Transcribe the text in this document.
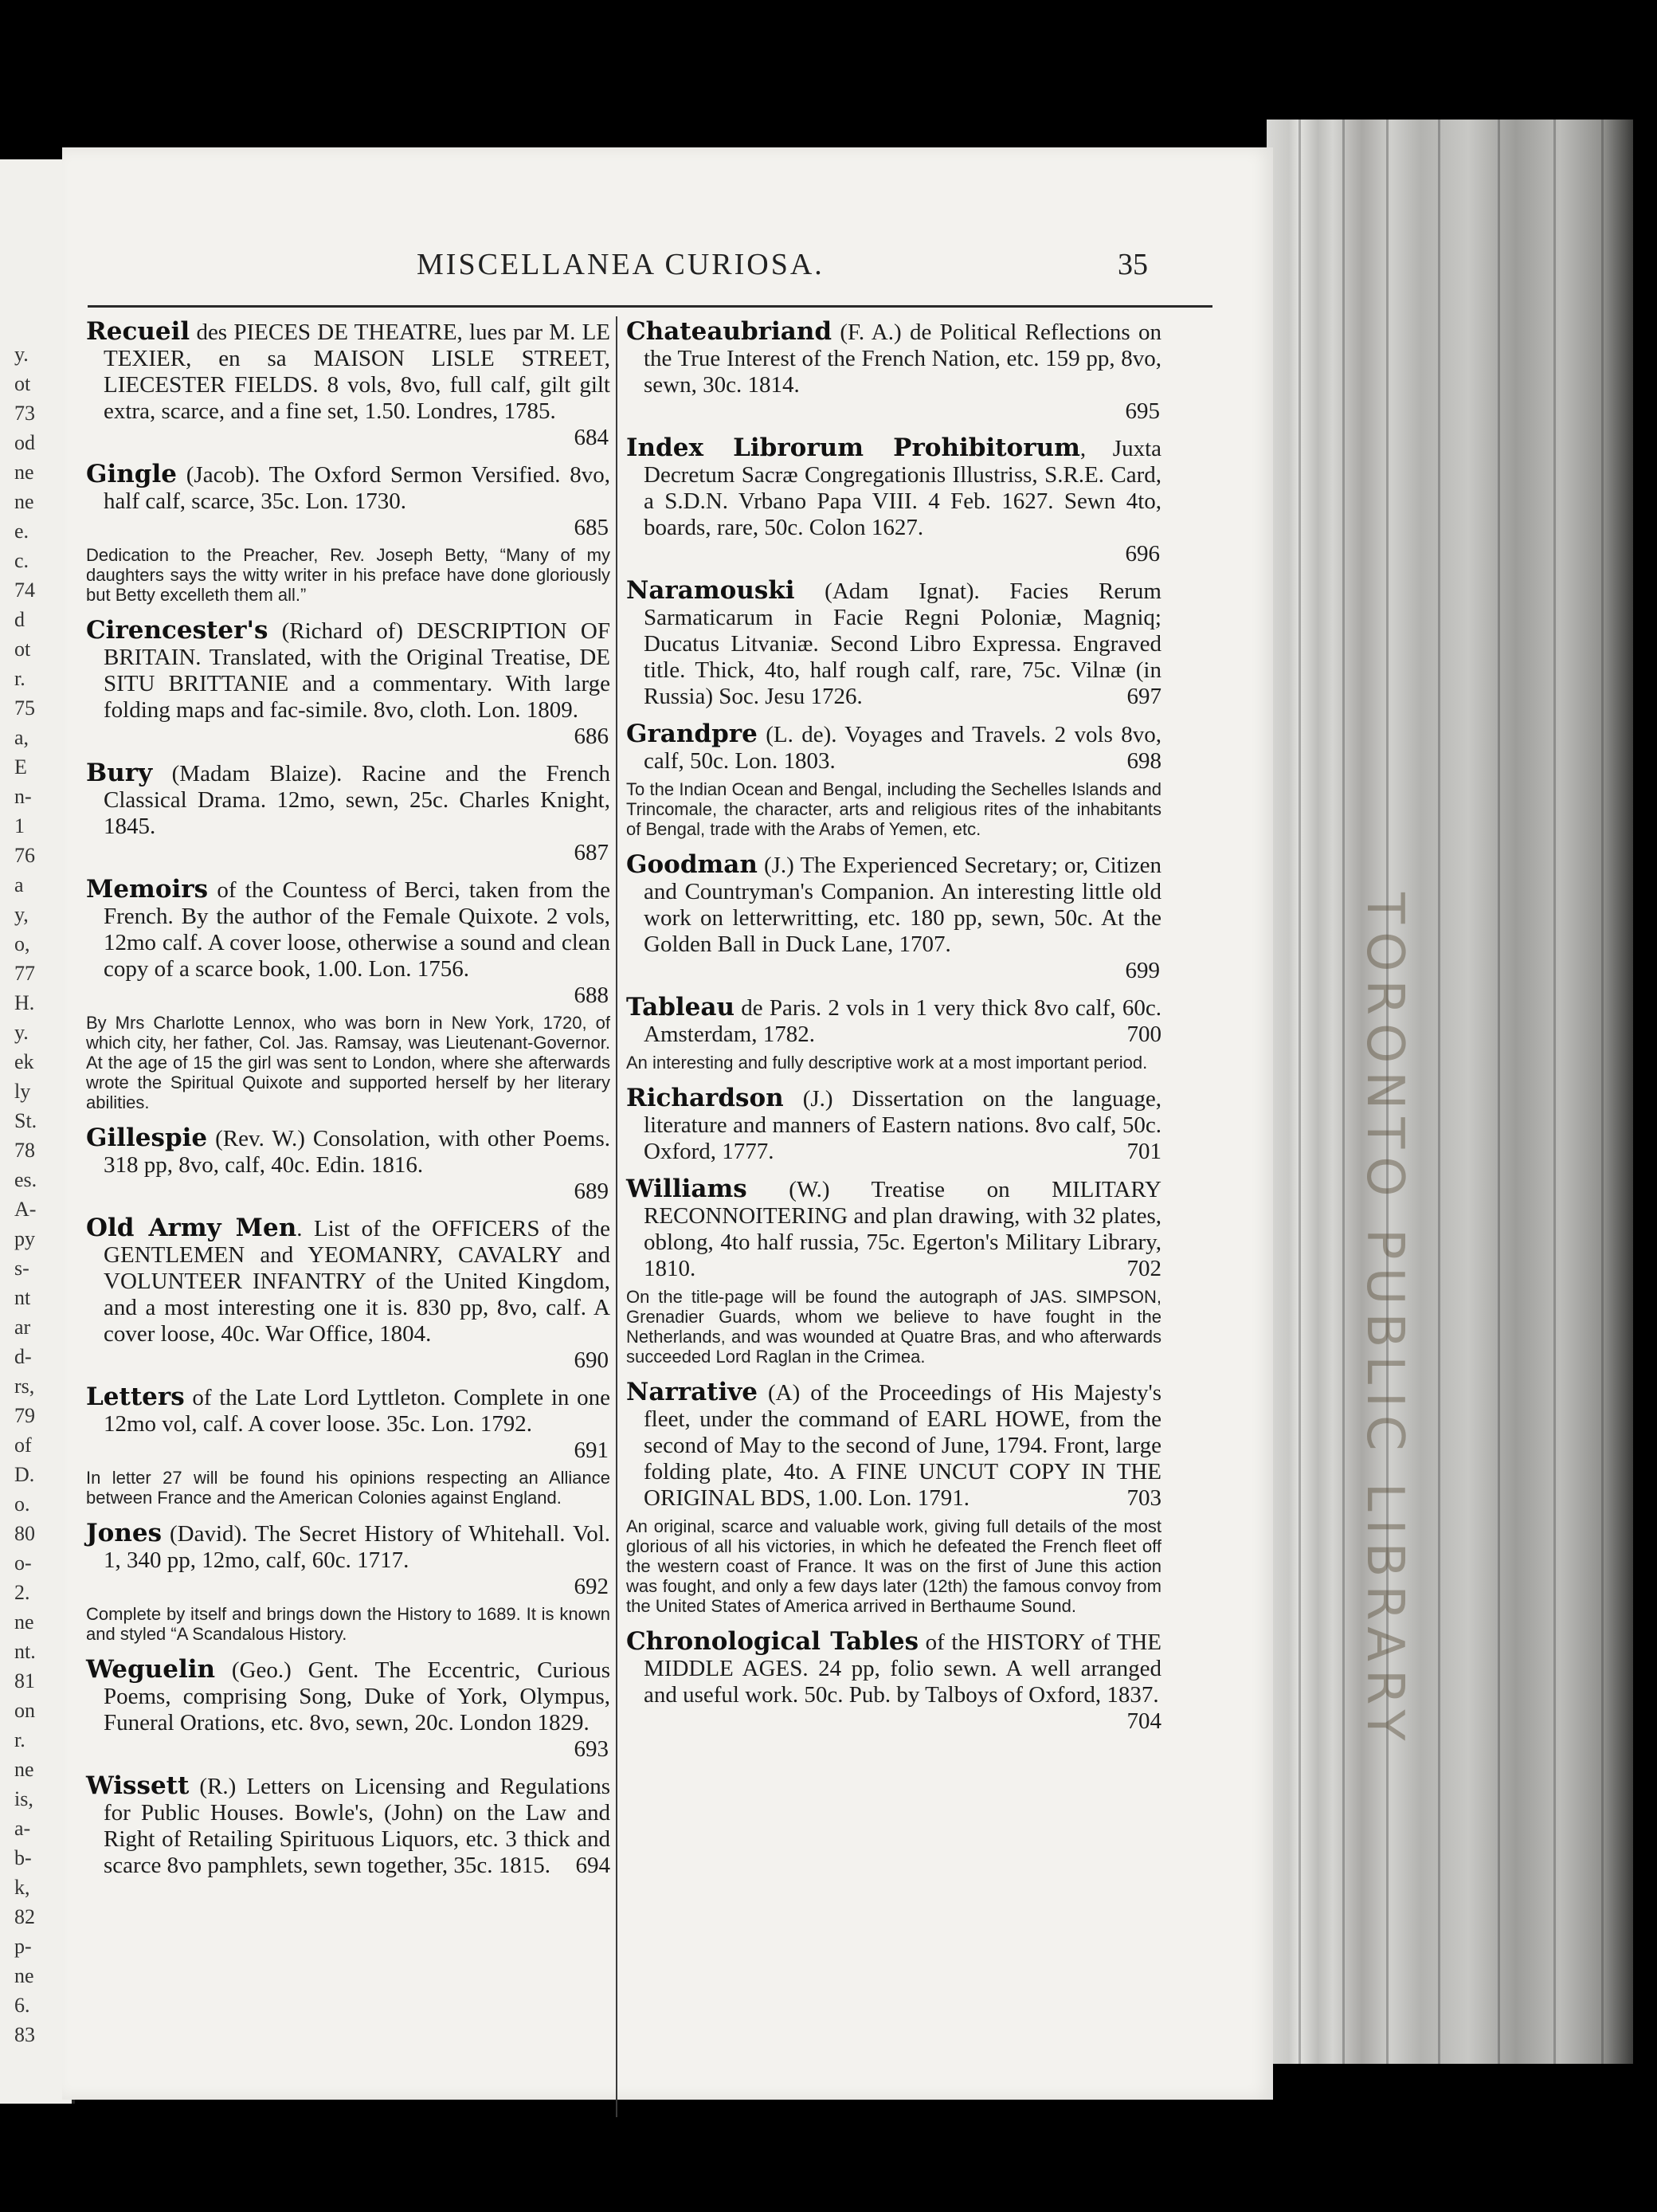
y.
ot
73
od
ne
ne
e.
c.
74
d
ot
r.
75
a,
E
n-
1
76
a
y,
o,
77
H.
y.
ek
ly
St.
78
es.
A-
py
s-
nt
ar
d-
rs,
79
of
D.
o.
80
o-
2.
ne
nt.
81
on
r.
ne
is,
a-
b-
k,
82
p-
ne
6.
83
TORONTO PUBLIC LIBRARY
MISCELLANEA CURIOSA.	35
Recueil des PIECES DE THEATRE, lues par M. LE TEXIER, en sa MAISON LISLE STREET, LIECESTER FIELDS. 8 vols, 8vo, full calf, gilt gilt extra, scarce, and a fine set, 1.50. Londres, 1785.
684
Gingle (Jacob). The Oxford Sermon Versified. 8vo, half calf, scarce, 35c. Lon. 1730.
685
Dedication to the Preacher, Rev. Joseph Betty, “Many of my daughters says the witty writer in his preface have done gloriously but Betty excelleth them all.”
Cirencester's (Richard of) DESCRIPTION OF BRITAIN. Translated, with the Original Treatise, DE SITU BRITTANIE and a commentary. With large folding maps and fac-simile. 8vo, cloth. Lon. 1809.
686
Bury (Madam Blaize). Racine and the French Classical Drama. 12mo, sewn, 25c. Charles Knight, 1845.
687
Memoirs of the Countess of Berci, taken from the French. By the author of the Female Quixote. 2 vols, 12mo calf. A cover loose, otherwise a sound and clean copy of a scarce book, 1.00. Lon. 1756.
688
By Mrs Charlotte Lennox, who was born in New York, 1720, of which city, her father, Col. Jas. Ramsay, was Lieutenant-Governor. At the age of 15 the girl was sent to London, where she afterwards wrote the Spiritual Quixote and supported herself by her literary abilities.
Gillespie (Rev. W.) Consolation, with other Poems. 318 pp, 8vo, calf, 40c. Edin. 1816.
689
Old Army Men. List of the OFFICERS of the GENTLEMEN and YEOMANRY, CAVALRY and VOLUNTEER INFANTRY of the United Kingdom, and a most interesting one it is. 830 pp, 8vo, calf. A cover loose, 40c. War Office, 1804.
690
Letters of the Late Lord Lyttleton. Complete in one 12mo vol, calf. A cover loose. 35c. Lon. 1792.
691
In letter 27 will be found his opinions respecting an Alliance between France and the American Colonies against England.
Jones (David). The Secret History of Whitehall. Vol. 1, 340 pp, 12mo, calf, 60c. 1717.
692
Complete by itself and brings down the History to 1689. It is known and styled “A Scandalous History.
Weguelin (Geo.) Gent. The Eccentric, Curious Poems, comprising Song, Duke of York, Olympus, Funeral Orations, etc. 8vo, sewn, 20c. London 1829.
693
Wissett (R.) Letters on Licensing and Regulations for Public Houses. Bowle's, (John) on the Law and Right of Retailing Spirituous Liquors, etc. 3 thick and scarce 8vo pamphlets, sewn together, 35c. 1815. 694
Chateaubriand (F. A.) de Political Reflections on the True Interest of the French Nation, etc. 159 pp, 8vo, sewn, 30c. 1814.
695
Index Librorum Prohibitorum, Juxta Decretum Sacræ Congregationis Illustriss, S.R.E. Card, a S.D.N. Vrbano Papa VIII. 4 Feb. 1627. Sewn 4to, boards, rare, 50c. Colon 1627.
696
Naramouski (Adam Ignat). Facies Rerum Sarmaticarum in Facie Regni Poloniæ, Magniq; Ducatus Litvaniæ. Second Libro Expressa. Engraved title. Thick, 4to, half rough calf, rare, 75c. Vilnæ (in Russia) Soc. Jesu 1726.	697
Grandpre (L. de). Voyages and Travels. 2 vols 8vo, calf, 50c. Lon. 1803.	698
To the Indian Ocean and Bengal, including the Sechelles Islands and Trincomale, the character, arts and religious rites of the inhabitants of Bengal, trade with the Arabs of Yemen, etc.
Goodman (J.) The Experienced Secretary; or, Citizen and Countryman's Companion. An interesting little old work on letterwritting, etc. 180 pp, sewn, 50c. At the Golden Ball in Duck Lane, 1707.
699
Tableau de Paris. 2 vols in 1 very thick 8vo calf, 60c. Amsterdam, 1782.	700
An interesting and fully descriptive work at a most important period.
Richardson (J.) Dissertation on the language, literature and manners of Eastern nations. 8vo calf, 50c. Oxford, 1777.	701
Williams (W.) Treatise on MILITARY RECONNOITERING and plan drawing, with 32 plates, oblong, 4to half russia, 75c. Egerton's Military Library, 1810.	702
On the title-page will be found the autograph of JAS. SIMPSON, Grenadier Guards, whom we believe to have fought in the Netherlands, and was wounded at Quatre Bras, and who afterwards succeeded Lord Raglan in the Crimea.
Narrative (A) of the Proceedings of His Majesty's fleet, under the command of EARL HOWE, from the second of May to the second of June, 1794. Front, large folding plate, 4to. A FINE UNCUT COPY IN THE ORIGINAL BDS, 1.00. Lon. 1791.	703
An original, scarce and valuable work, giving full details of the most glorious of all his victories, in which he defeated the French fleet off the western coast of France. It was on the first of June this action was fought, and only a few days later (12th) the famous convoy from the United States of America arrived in Berthaume Sound.
Chronological Tables of the HISTORY of THE MIDDLE AGES. 24 pp, folio sewn. A well arranged and useful work. 50c. Pub. by Talboys of Oxford, 1837.
704
